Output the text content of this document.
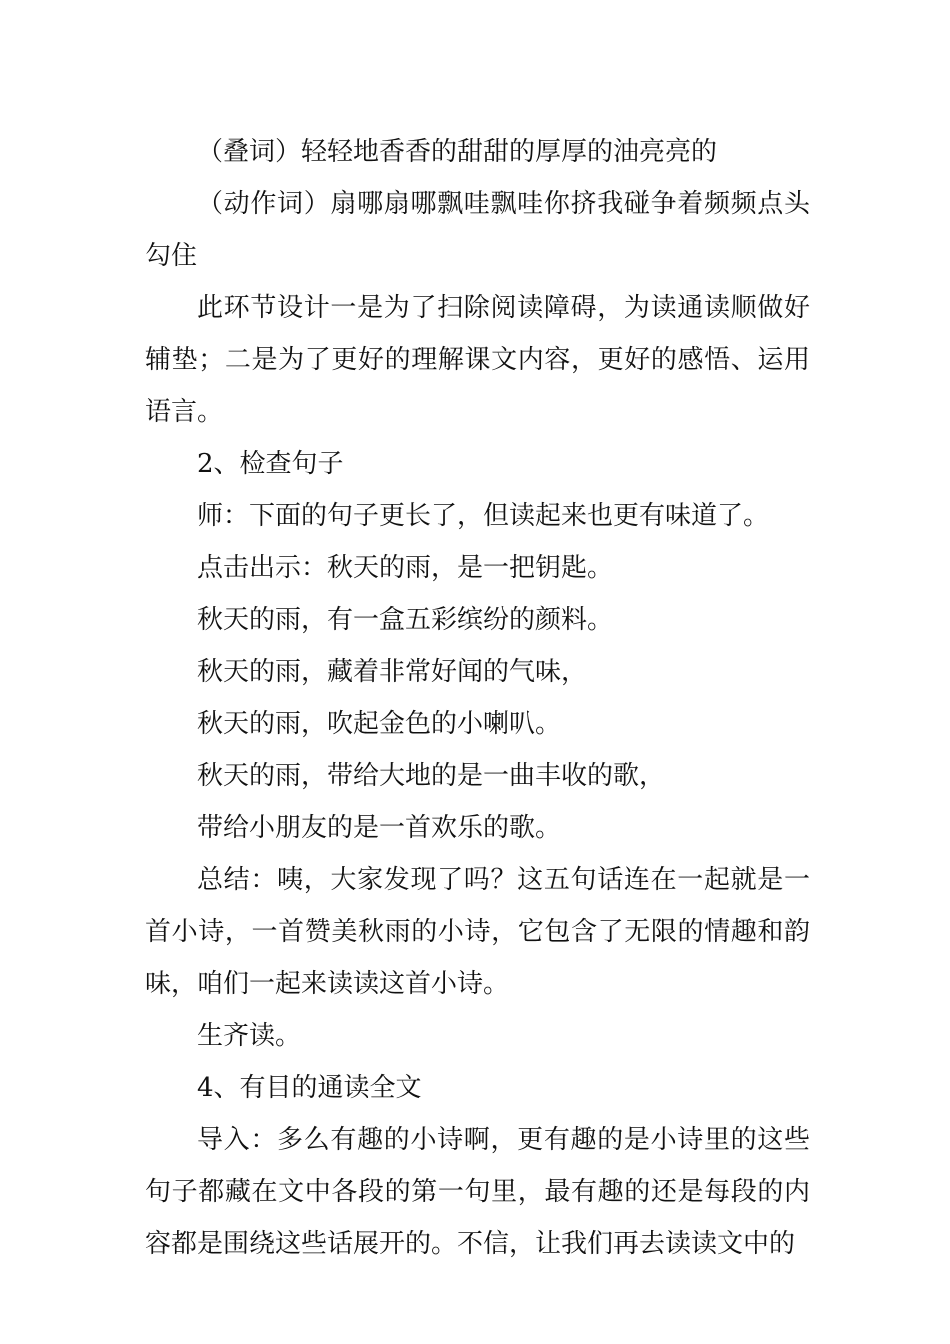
（叠词）轻轻地香香的甜甜的厚厚的油亮亮的

（动作词）扇哪扇哪飘哇飘哇你挤我碰争着频频点头勾住

此环节设计一是为了扫除阅读障碍，为读通读顺做好辅垫；二是为了更好的理解课文内容，更好的感悟、运用语言。

2、检查句子

师：下面的句子更长了，但读起来也更有味道了。

点击出示：秋天的雨，是一把钥匙。

秋天的雨，有一盒五彩缤纷的颜料。

秋天的雨，藏着非常好闻的气味，

秋天的雨，吹起金色的小喇叭。

秋天的雨，带给大地的是一曲丰收的歌，

带给小朋友的是一首欢乐的歌。

总结：咦，大家发现了吗？这五句话连在一起就是一首小诗，一首赞美秋雨的小诗，它包含了无限的情趣和韵味，咱们一起来读读这首小诗。

生齐读。

4、有目的通读全文

导入：多么有趣的小诗啊，更有趣的是小诗里的这些句子都藏在文中各段的第一句里，最有趣的还是每段的内容都是围绕这些话展开的。不信，让我们再去读读文中的
